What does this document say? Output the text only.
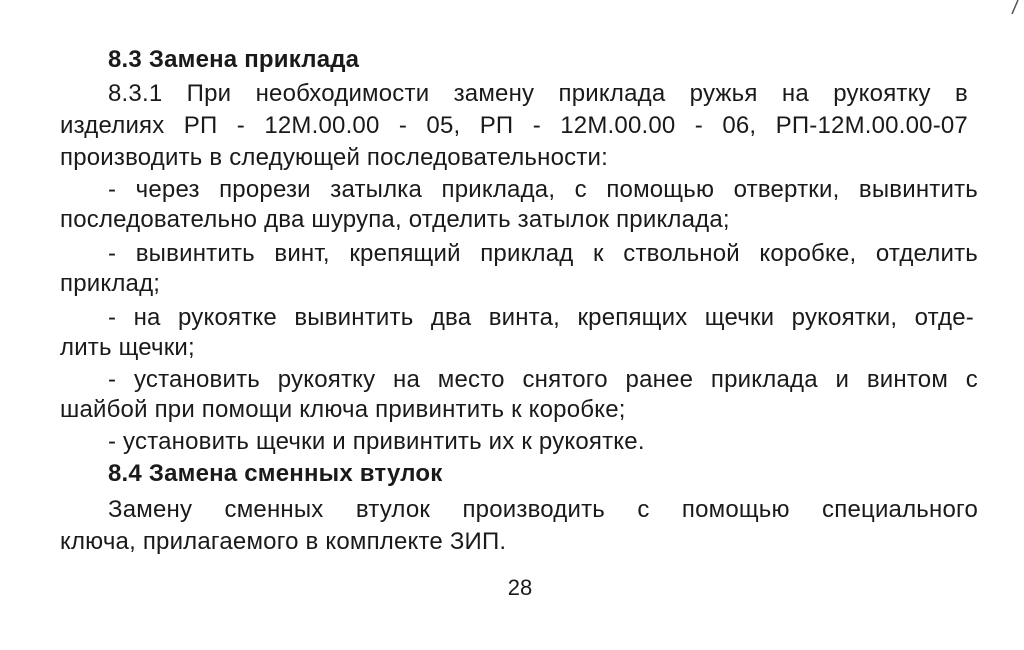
8.3 Замена приклада
8.3.1 При необходимости замену приклада ружья на рукоятку в
изделиях РП - 12М.00.00 - 05, РП - 12М.00.00 - 06, РП-12М.00.00-07
производить в следующей последовательности:
- через прорези затылка приклада, с помощью отвертки, вывинтить
последовательно два шурупа, отделить затылок приклада;
- вывинтить винт, крепящий приклад к ствольной коробке, отделить
приклад;
- на рукоятке вывинтить два винта, крепящих щечки рукоятки, отде-
лить щечки;
- установить рукоятку на место снятого ранее приклада и винтом с
шайбой при помощи ключа привинтить к коробке;
- установить щечки и привинтить их к рукоятке.
8.4 Замена сменных втулок
Замену сменных втулок производить с помощью специального
ключа, прилагаемого в комплекте ЗИП.
28
